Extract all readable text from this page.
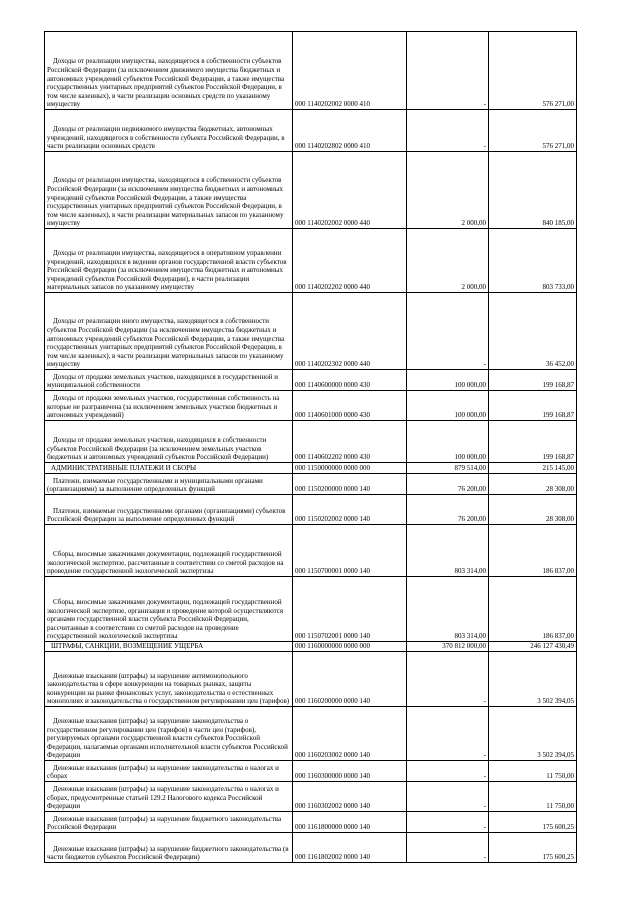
Доходы от реализации имущества, находящегося в собственности субъектов Российской Федерации (за исключением движимого имущества бюджетных и автономных учреждений субъектов Российской Федерации, а также имущества государственных унитарных предприятий субъектов Российской Федерации, в том числе казенных), в части реализации основных средств по указанному имуществу	000 1140202002 0000 410	-	576 271,00
Доходы от реализации недвижимого имущества бюджетных, автономных учреждений, находящегося в собственности субъекта Российской Федерации, в части реализации основных средств	000 1140202802 0000 410	-	576 271,00
Доходы от реализации имущества, находящегося в собственности субъектов Российской Федерации (за исключением имущества бюджетных и автономных учреждений субъектов Российской Федерации, а также имущества государственных унитарных предприятий субъектов Российской Федерации, в том числе казенных), в части реализации материальных запасов по указанному имуществу	000 1140202002 0000 440	2 000,00	840 185,00
Доходы от реализации имущества, находящегося в оперативном управлении учреждений, находящихся в ведении органов государственной власти субъектов Российской Федерации (за исключением имущества бюджетных и автономных учреждений субъектов Российской Федерации), в части реализации материальных запасов по указанному имуществу	000 1140202202 0000 440	2 000,00	803 733,00
Доходы от реализации иного имущества, находящегося в собственности субъектов Российской Федерации (за исключением имущества бюджетных и автономных учреждений субъектов Российской Федерации, а также имущества государственных унитарных предприятий субъектов Российской Федерации, в том числе казенных), в части реализации материальных запасов по указанному имуществу	000 1140202302 0000 440	-	36 452,00
Доходы от продажи земельных участков, находящихся в государственной и муниципальной собственности	000 1140600000 0000 430	100 000,00	199 168,87
Доходы от продажи земельных участков, государственная собственность на которые не разграничена (за исключением земельных участков бюджетных и автономных учреждений)	000 1140601000 0000 430	100 000,00	199 168,87
Доходы от продажи земельных участков, находящихся в собственности субъектов Российской Федерации (за исключением земельных участков бюджетных и автономных учреждений субъектов Российской Федерации)	000 1140602202 0000 430	100 000,00	199 168,87
АДМИНИСТРАТИВНЫЕ ПЛАТЕЖИ И СБОРЫ	000 1150000000 0000 000	879 514,00	215 145,00
Платежи, взимаемые государственными и муниципальными органами (организациями) за выполнение определенных функций	000 1150200000 0000 140	76 200,00	28 308,00
Платежи, взимаемые государственными органами (организациями) субъектов Российской Федерации за выполнение определенных функций	000 1150202002 0000 140	76 200,00	28 308,00
Сборы, вносимые заказчиками документации, подлежащей государственной экологической экспертизе, рассчитанные в соответствии со сметой расходов на проведение государственной экологической экспертизы	000 1150700001 0000 140	803 314,00	186 837,00
Сборы, вносимые заказчиками документации, подлежащей государственной экологической экспертизе, организация и проведение которой осуществляются органами государственной власти субъекта Российской Федерации, рассчитанные в соответствии со сметой расходов на проведение государственной экологической экспертизы	000 1150702001 0000 140	803 314,00	186 837,00
ШТРАФЫ, САНКЦИИ, ВОЗМЕЩЕНИЕ УЩЕРБА	000 1160000000 0000 000	370 812 000,00	246 127 430,49
Денежные взыскания (штрафы) за нарушение антимонопольного законодательства в сфере конкуренции на товарных рынках, защиты конкуренции на рынке финансовых услуг, законодательства о естественных монополиях и законодательства о государственном регулировании цен (тарифов)	000 1160200000 0000 140	-	3 502 394,05
Денежные взыскания (штрафы) за нарушение законодательства о государственном регулировании цен (тарифов) в части цен (тарифов), регулируемых органами государственной власти субъектов Российской Федерации, налагаемые органами исполнительной власти субъектов Российской Федерации	000 1160203002 0000 140	-	3 502 394,05
Денежные взыскания (штрафы) за нарушение законодательства о налогах и сборах	000 1160300000 0000 140	-	11 750,00
Денежные взыскания (штрафы) за нарушение законодательства о налогах и сборах, предусмотренные статьей 129.2 Налогового кодекса Российской Федерации	000 1160302002 0000 140	-	11 750,00
Денежные взыскания (штрафы) за нарушение бюджетного законодательства Российской Федерации	000 1161800000 0000 140	-	175 600,25
Денежные взыскания (штрафы) за нарушение бюджетного законодательства (в части бюджетов субъектов Российской Федерации)	000 1161802002 0000 140	-	175 600,25
